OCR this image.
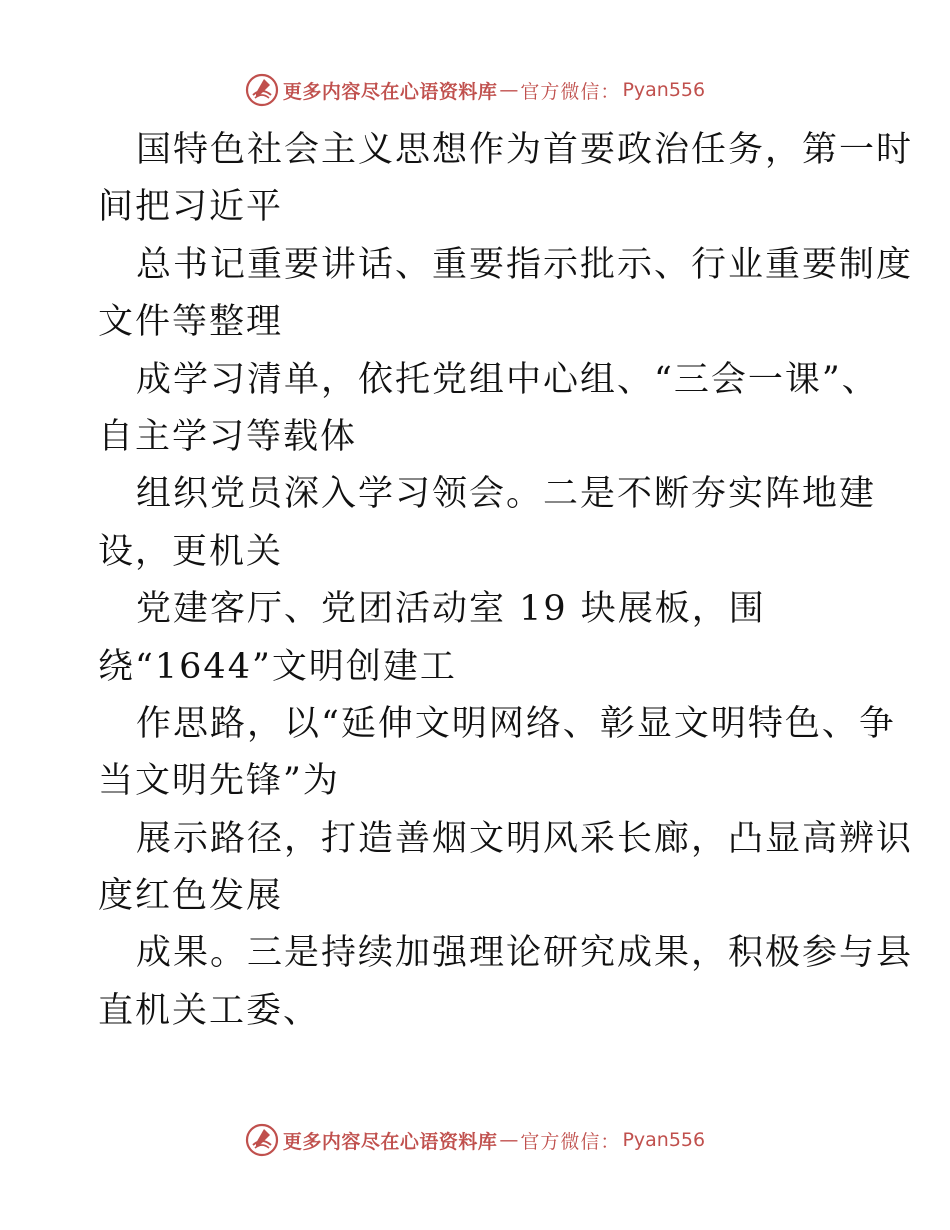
更多内容尽在心语资料库 — 官方微信： Pyan556
国特色社会主义思想作为首要政治任务，第一时
间把习近平
总书记重要讲话、重要指示批示、行业重要制度
文件等整理
成学习清单，依托党组中心组、“三会一课”、
自主学习等载体
组织党员深入学习领会。二是不断夯实阵地建
设，更机关
党建客厅、党团活动室 19 块展板，围
绕“1644”文明创建工
作思路，以“延伸文明网络、彰显文明特色、争
当文明先锋”为
展示路径，打造善烟文明风采长廊，凸显高辨识
度红色发展
成果。三是持续加强理论研究成果，积极参与县
直机关工委、
更多内容尽在心语资料库 — 官方微信： Pyan556
